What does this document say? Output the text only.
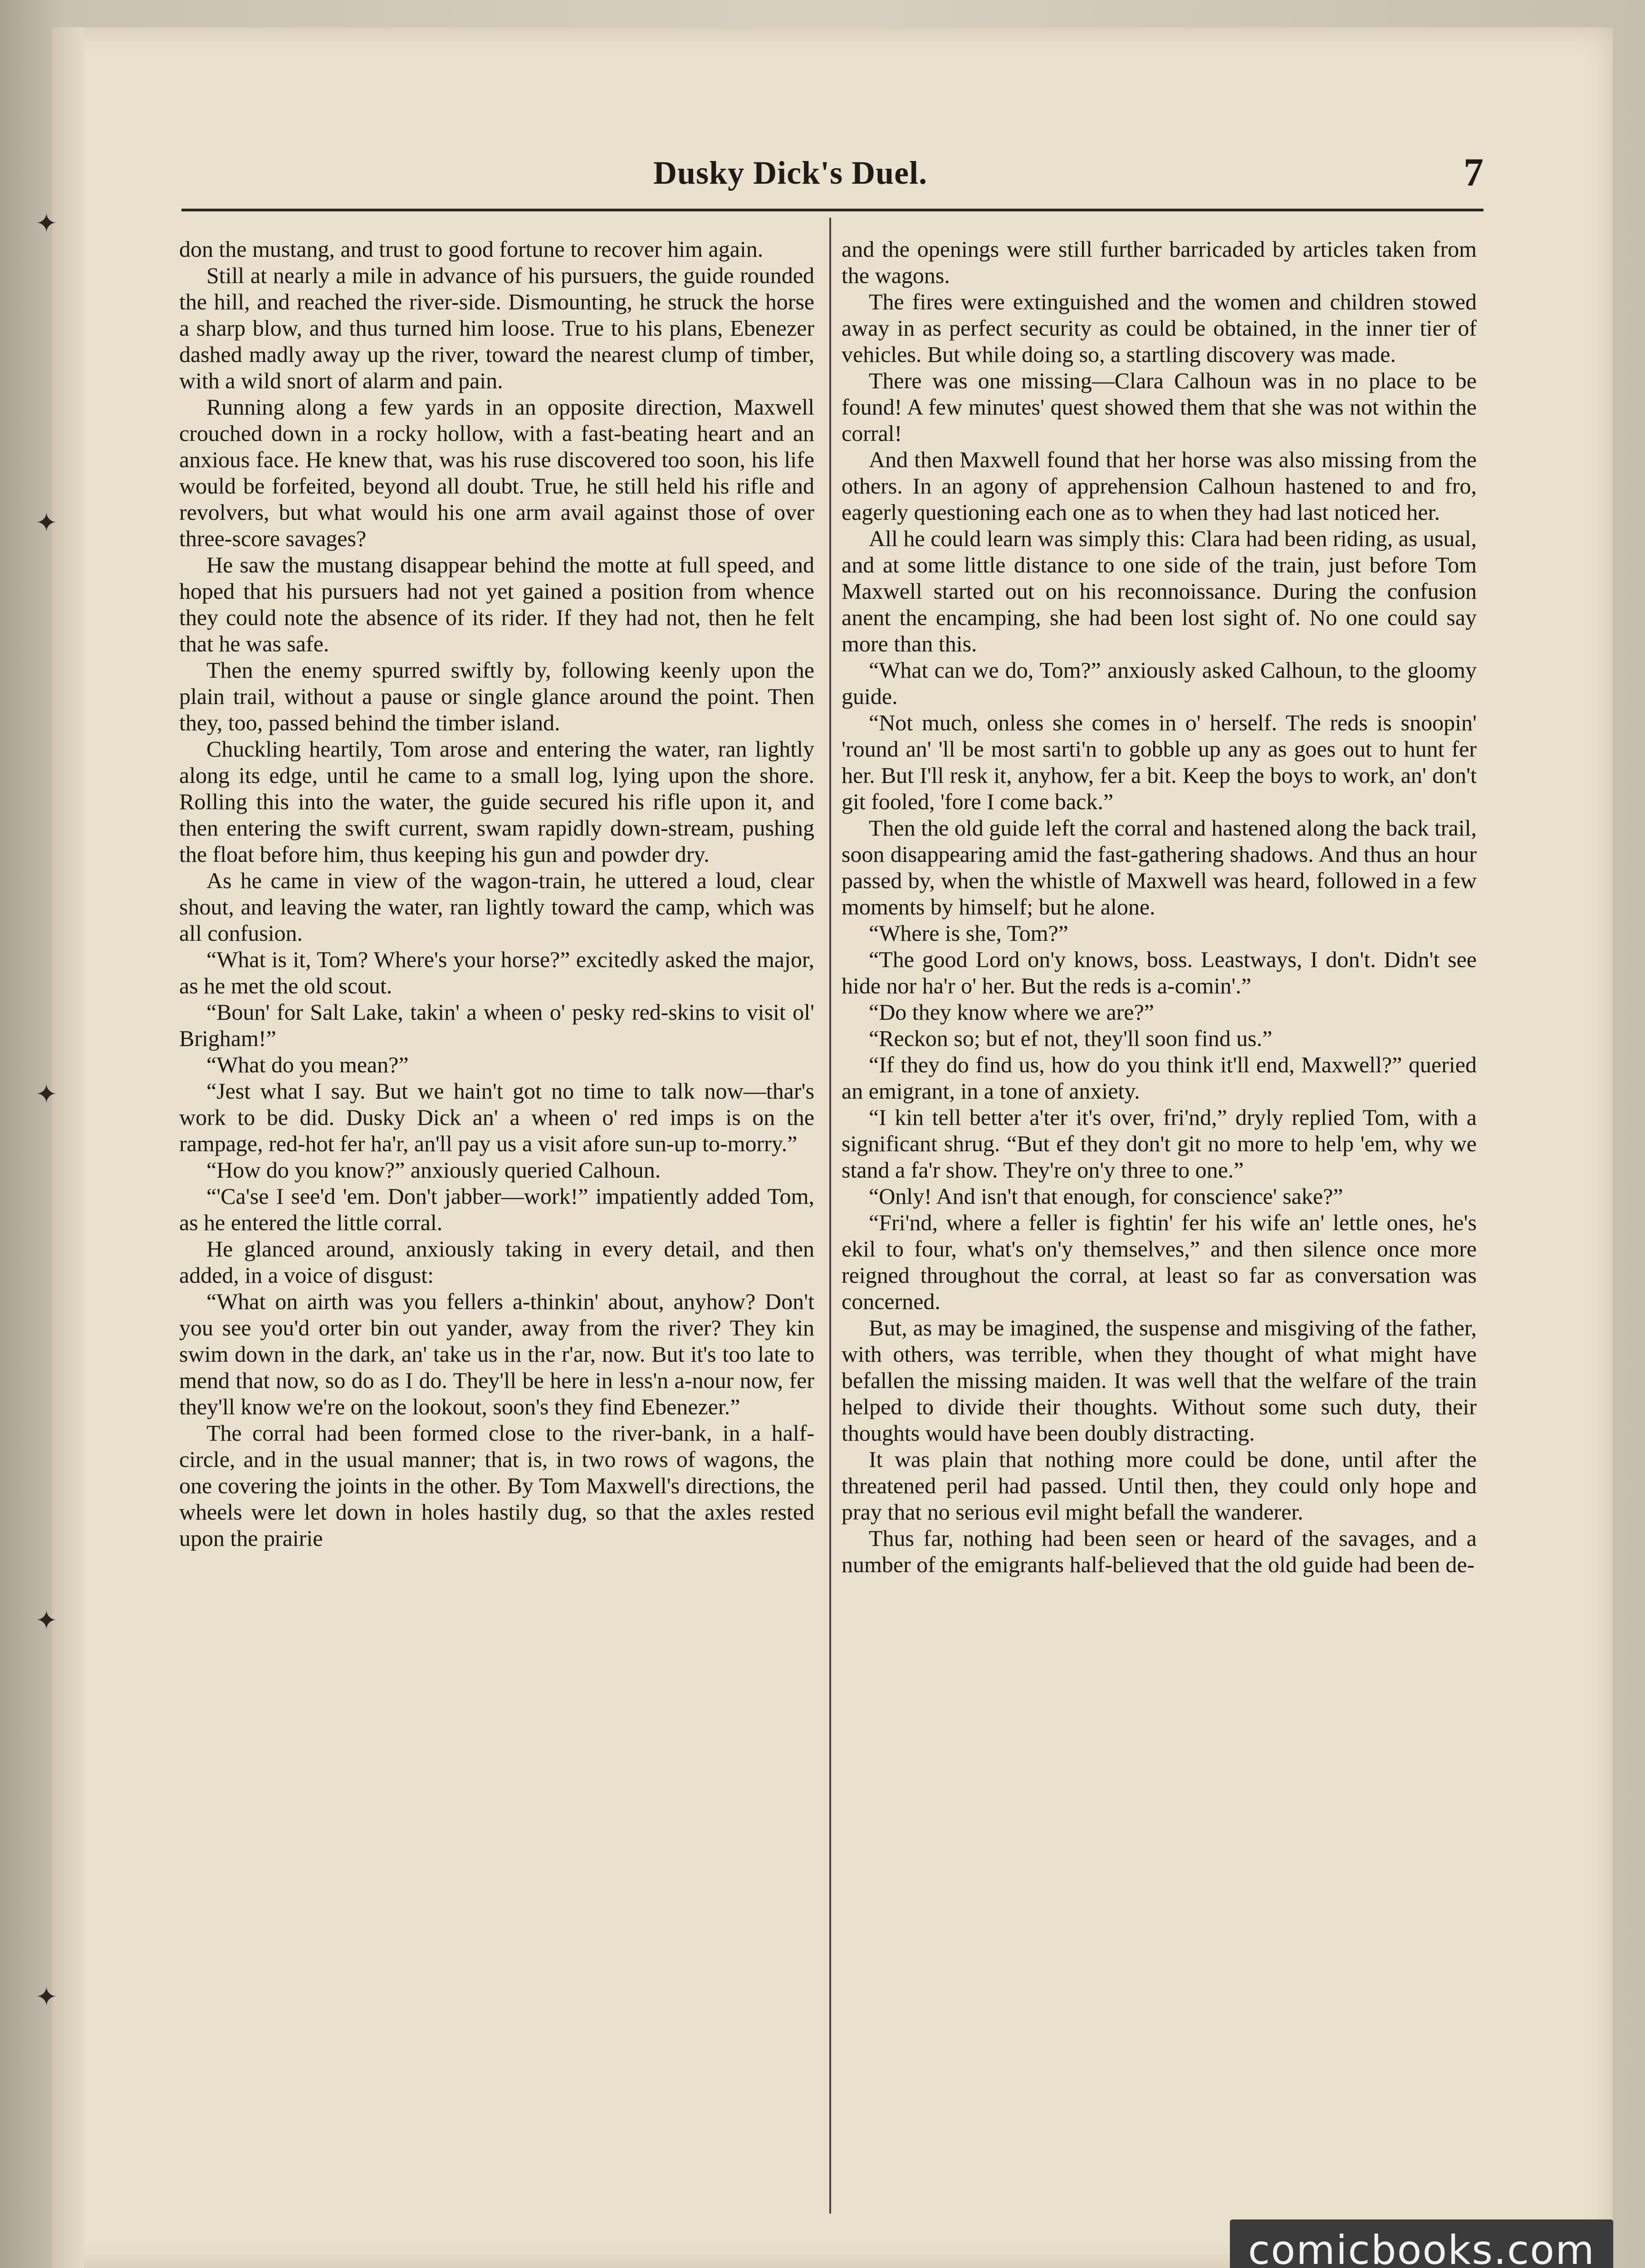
✦
✦
✦
✦
✦
Dusky Dick's Duel.	7

don the mustang, and trust to good fortune to recover him again.

Still at nearly a mile in advance of his pursuers, the guide rounded the hill, and reached the river-side. Dismounting, he struck the horse a sharp blow, and thus turned him loose. True to his plans, Ebenezer dashed madly away up the river, toward the nearest clump of timber, with a wild snort of alarm and pain.

Running along a few yards in an opposite direction, Maxwell crouched down in a rocky hollow, with a fast-beating heart and an anxious face. He knew that, was his ruse discovered too soon, his life would be forfeited, beyond all doubt. True, he still held his rifle and revolvers, but what would his one arm avail against those of over three-score savages?

He saw the mustang disappear behind the motte at full speed, and hoped that his pursuers had not yet gained a position from whence they could note the absence of its rider. If they had not, then he felt that he was safe.

Then the enemy spurred swiftly by, following keenly upon the plain trail, without a pause or single glance around the point. Then they, too, passed behind the timber island.

Chuckling heartily, Tom arose and entering the water, ran lightly along its edge, until he came to a small log, lying upon the shore. Rolling this into the water, the guide secured his rifle upon it, and then entering the swift current, swam rapidly down-stream, pushing the float before him, thus keeping his gun and powder dry.

As he came in view of the wagon-train, he uttered a loud, clear shout, and leaving the water, ran lightly toward the camp, which was all confusion.

“What is it, Tom? Where's your horse?” excitedly asked the major, as he met the old scout.

“Boun' for Salt Lake, takin' a wheen o' pesky red-skins to visit ol' Brigham!”

“What do you mean?”

“Jest what I say. But we hain't got no time to talk now—thar's work to be did. Dusky Dick an' a wheen o' red imps is on the rampage, red-hot fer ha'r, an'll pay us a visit afore sun-up to-morry.”

“How do you know?” anxiously queried Calhoun.

“'Ca'se I see'd 'em. Don't jabber—work!” impatiently added Tom, as he entered the little corral.

He glanced around, anxiously taking in every detail, and then added, in a voice of disgust:

“What on airth was you fellers a-thinkin' about, anyhow? Don't you see you'd orter bin out yander, away from the river? They kin swim down in the dark, an' take us in the r'ar, now. But it's too late to mend that now, so do as I do. They'll be here in less'n a-nour now, fer they'll know we're on the lookout, soon's they find Ebenezer.”

The corral had been formed close to the river-bank, in a half-circle, and in the usual manner; that is, in two rows of wagons, the one covering the joints in the other. By Tom Maxwell's directions, the wheels were let down in holes hastily dug, so that the axles rested upon the prairie

and the openings were still further barricaded by articles taken from the wagons.

The fires were extinguished and the women and children stowed away in as perfect security as could be obtained, in the inner tier of vehicles. But while doing so, a startling discovery was made.

There was one missing—Clara Calhoun was in no place to be found! A few minutes' quest showed them that she was not within the corral!

And then Maxwell found that her horse was also missing from the others. In an agony of apprehension Calhoun hastened to and fro, eagerly questioning each one as to when they had last noticed her.

All he could learn was simply this: Clara had been riding, as usual, and at some little distance to one side of the train, just before Tom Maxwell started out on his reconnoissance. During the confusion anent the encamping, she had been lost sight of. No one could say more than this.

“What can we do, Tom?” anxiously asked Calhoun, to the gloomy guide.

“Not much, onless she comes in o' herself. The reds is snoopin' 'round an' 'll be most sarti'n to gobble up any as goes out to hunt fer her. But I'll resk it, anyhow, fer a bit. Keep the boys to work, an' don't git fooled, 'fore I come back.”

Then the old guide left the corral and hastened along the back trail, soon disappearing amid the fast-gathering shadows. And thus an hour passed by, when the whistle of Maxwell was heard, followed in a few moments by himself; but he alone.

“Where is she, Tom?”

“The good Lord on'y knows, boss. Leastways, I don't. Didn't see hide nor ha'r o' her. But the reds is a-comin'.”

“Do they know where we are?”

“Reckon so; but ef not, they'll soon find us.”

“If they do find us, how do you think it'll end, Maxwell?” queried an emigrant, in a tone of anxiety.

“I kin tell better a'ter it's over, fri'nd,” dryly replied Tom, with a significant shrug. “But ef they don't git no more to help 'em, why we stand a fa'r show. They're on'y three to one.”

“Only! And isn't that enough, for conscience' sake?”

“Fri'nd, where a feller is fightin' fer his wife an' lettle ones, he's ekil to four, what's on'y themselves,” and then silence once more reigned throughout the corral, at least so far as conversation was concerned.

But, as may be imagined, the suspense and misgiving of the father, with others, was terrible, when they thought of what might have befallen the missing maiden. It was well that the welfare of the train helped to divide their thoughts. Without some such duty, their thoughts would have been doubly distracting.

It was plain that nothing more could be done, until after the threatened peril had passed. Until then, they could only hope and pray that no serious evil might befall the wanderer.

Thus far, nothing had been seen or heard of the savages, and a number of the emigrants half-believed that the old guide had been de-

comicbooks.com
